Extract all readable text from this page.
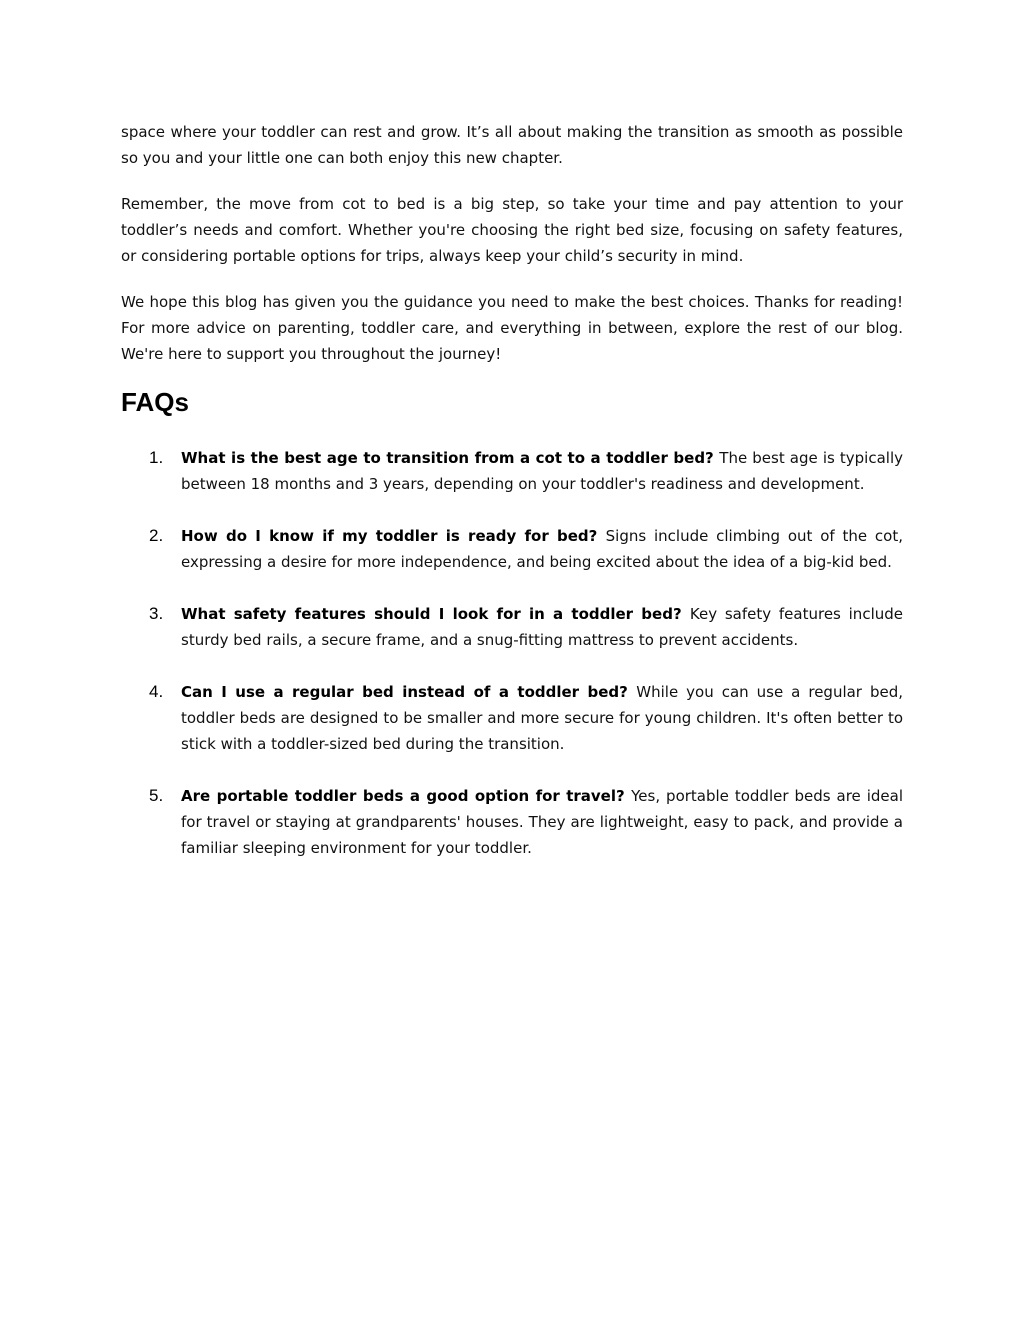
space where your toddler can rest and grow. It’s all about making the transition as smooth as possible so you and your little one can both enjoy this new chapter.

Remember, the move from cot to bed is a big step, so take your time and pay attention to your toddler’s needs and comfort. Whether you're choosing the right bed size, focusing on safety features, or considering portable options for trips, always keep your child’s security in mind.

We hope this blog has given you the guidance you need to make the best choices. Thanks for reading! For more advice on parenting, toddler care, and everything in between, explore the rest of our blog. We're here to support you throughout the journey!

FAQs
1. What is the best age to transition from a cot to a toddler bed? The best age is typically between 18 months and 3 years, depending on your toddler's readiness and development.
2. How do I know if my toddler is ready for bed? Signs include climbing out of the cot, expressing a desire for more independence, and being excited about the idea of a big-kid bed.
3. What safety features should I look for in a toddler bed? Key safety features include sturdy bed rails, a secure frame, and a snug-fitting mattress to prevent accidents.
4. Can I use a regular bed instead of a toddler bed? While you can use a regular bed, toddler beds are designed to be smaller and more secure for young children. It's often better to stick with a toddler-sized bed during the transition.
5. Are portable toddler beds a good option for travel? Yes, portable toddler beds are ideal for travel or staying at grandparents' houses. They are lightweight, easy to pack, and provide a familiar sleeping environment for your toddler.
